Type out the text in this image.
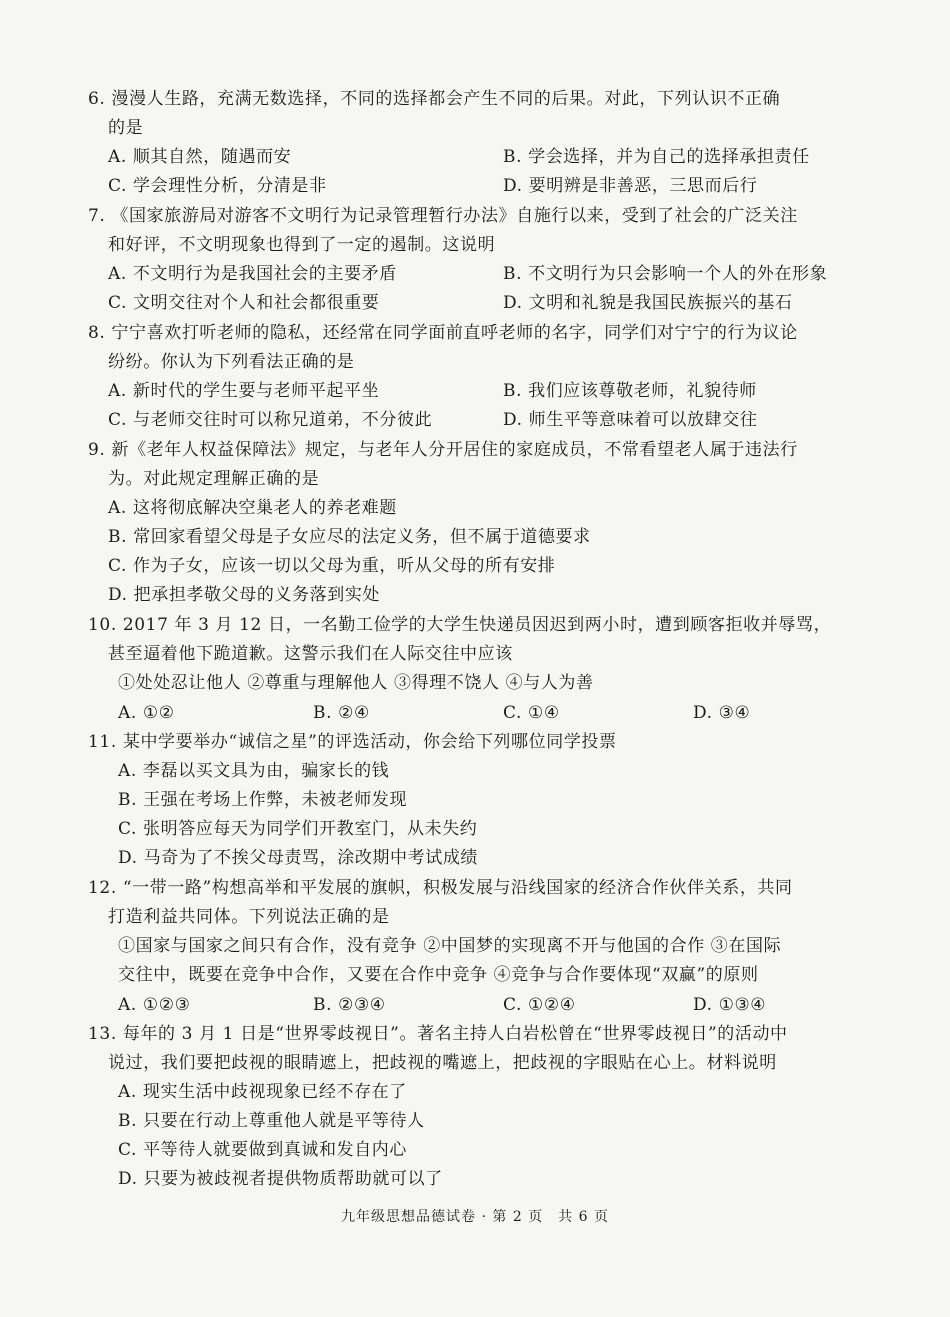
6. 漫漫人生路，充满无数选择，不同的选择都会产生不同的后果。对此，下列认识不正确
的是
A. 顺其自然，随遇而安	B. 学会选择，并为自己的选择承担责任
C. 学会理性分析，分清是非	D. 要明辨是非善恶，三思而后行
7. 《国家旅游局对游客不文明行为记录管理暂行办法》自施行以来，受到了社会的广泛关注
和好评，不文明现象也得到了一定的遏制。这说明
A. 不文明行为是我国社会的主要矛盾	B. 不文明行为只会影响一个人的外在形象
C. 文明交往对个人和社会都很重要	D. 文明和礼貌是我国民族振兴的基石
8. 宁宁喜欢打听老师的隐私，还经常在同学面前直呼老师的名字，同学们对宁宁的行为议论
纷纷。你认为下列看法正确的是
A. 新时代的学生要与老师平起平坐	B. 我们应该尊敬老师，礼貌待师
C. 与老师交往时可以称兄道弟，不分彼此	D. 师生平等意味着可以放肆交往
9. 新《老年人权益保障法》规定，与老年人分开居住的家庭成员，不常看望老人属于违法行
为。对此规定理解正确的是
A. 这将彻底解决空巢老人的养老难题
B. 常回家看望父母是子女应尽的法定义务，但不属于道德要求
C. 作为子女，应该一切以父母为重，听从父母的所有安排
D. 把承担孝敬父母的义务落到实处
10. 2017 年 3 月 12 日，一名勤工俭学的大学生快递员因迟到两小时，遭到顾客拒收并辱骂，
甚至逼着他下跪道歉。这警示我们在人际交往中应该
①处处忍让他人 ②尊重与理解他人 ③得理不饶人 ④与人为善
A. ①②	B. ②④	C. ①④	D. ③④
11. 某中学要举办“诚信之星”的评选活动，你会给下列哪位同学投票
A. 李磊以买文具为由，骗家长的钱
B. 王强在考场上作弊，未被老师发现
C. 张明答应每天为同学们开教室门，从未失约
D. 马奇为了不挨父母责骂，涂改期中考试成绩
12. “一带一路”构想高举和平发展的旗帜，积极发展与沿线国家的经济合作伙伴关系，共同
打造利益共同体。下列说法正确的是
①国家与国家之间只有合作，没有竞争 ②中国梦的实现离不开与他国的合作 ③在国际
交往中，既要在竞争中合作，又要在合作中竞争 ④竞争与合作要体现“双赢”的原则
A. ①②③	B. ②③④	C. ①②④	D. ①③④
13. 每年的 3 月 1 日是“世界零歧视日”。著名主持人白岩松曾在“世界零歧视日”的活动中
说过，我们要把歧视的眼睛遮上，把歧视的嘴遮上，把歧视的字眼贴在心上。材料说明
A. 现实生活中歧视现象已经不存在了
B. 只要在行动上尊重他人就是平等待人
C. 平等待人就要做到真诚和发自内心
D. 只要为被歧视者提供物质帮助就可以了
九年级思想品德试卷 · 第 2 页　共 6 页
